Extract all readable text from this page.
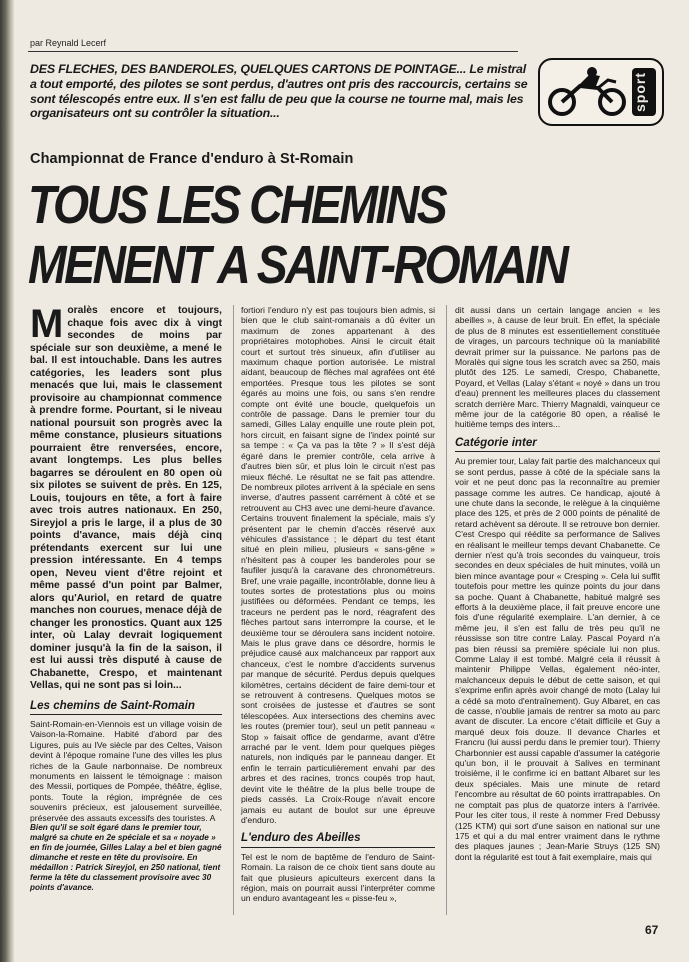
par Reynald Lecerf
DES FLECHES, DES BANDEROLES, QUELQUES CARTONS DE POINTAGE... Le mistral a tout emporté, des pilotes se sont perdus, d'autres ont pris des raccourcis, certains se sont télescopés entre eux. Il s'en est fallu de peu que la course ne tourne mal, mais les organisateurs ont su contrôler la situation...
sport
Championnat de France d'enduro à St-Romain
TOUS LES CHEMINS
MENENT A SAINT-ROMAIN

Moralès encore et toujours, chaque fois avec dix à vingt secondes de moins par spéciale sur son deuxième, a mené le bal. Il est intouchable. Dans les autres catégories, les leaders sont plus menacés que lui, mais le classement provisoire au championnat commence à prendre forme. Pourtant, si le niveau national poursuit son progrès avec la même constance, plusieurs situations pourraient être renversées, encore, avant longtemps. Les plus belles bagarres se déroulent en 80 open où six pilotes se suivent de près. En 125, Louis, toujours en tête, a fort à faire avec trois autres nationaux. En 250, Sireyjol a pris le large, il a plus de 30 points d'avance, mais déjà cinq prétendants exercent sur lui une pression intéressante. En 4 temps open, Neveu vient d'être rejoint et même passé d'un point par Balmer, alors qu'Auriol, en retard de quatre manches non courues, menace déjà de changer les pronostics. Quant aux 125 inter, où Lalay devrait logiquement dominer jusqu'à la fin de la saison, il est lui aussi très disputé à cause de Chabanette, Crespo, et maintenant Vellas, qui ne sont pas si loin...

Les chemins de Saint-Romain

Saint-Romain-en-Viennois est un village voisin de Vaison-la-Romaine. Habité d'abord par des Ligures, puis au IVe siècle par des Celtes, Vaison devint à l'époque romaine l'une des villes les plus riches de la Gaule narbonnaise. De nombreux monuments en laissent le témoignage : maison des Messii, portiques de Pompée, théâtre, église, ponts. Toute la région, imprégnée de ces souvenirs précieux, est jalousement surveillée, préservée des assauts excessifs des touristes. A

Bien qu'il se soit égaré dans le premier tour, malgré sa chute en 2e spéciale et sa « noyade » en fin de journée, Gilles Lalay a bel et bien gagné dimanche et reste en tête du provisoire. En médaillon : Patrick Sireyjol, en 250 national, tient ferme la tête du classement provisoire avec 30 points d'avance.

fortiori l'enduro n'y est pas toujours bien admis, si bien que le club saint-romanais a dû éviter un maximum de zones appartenant à des propriétaires motophobes. Ainsi le circuit était court et surtout très sinueux, afin d'utiliser au maximum chaque portion autorisée. Le mistral aidant, beaucoup de flèches mal agrafées ont été emportées. Presque tous les pilotes se sont égarés au moins une fois, ou sans s'en rendre compte ont évité une boucle, quelquefois un contrôle de passage. Dans le premier tour du samedi, Gilles Lalay enquille une route plein pot, hors circuit, en faisant signe de l'index pointé sur sa tempe : « Ça va pas la tête ? » Il s'est déjà égaré dans le premier contrôle, cela arrive à d'autres bien sûr, et plus loin le circuit n'est pas mieux fléché. Le résultat ne se fait pas attendre. De nombreux pilotes arrivent à la spéciale en sens inverse, d'autres passent carrément à côté et se retrouvent au CH3 avec une demi-heure d'avance. Certains trouvent finalement la spéciale, mais s'y présentent par le chemin d'accès réservé aux véhicules d'assistance ; le départ du test étant situé en plein milieu, plusieurs « sans-gêne » n'hésitent pas à couper les banderoles pour se faufiler jusqu'à la caravane des chronométreurs. Bref, une vraie pagaille, incontrôlable, donne lieu à toutes sortes de protestations plus ou moins justifiées ou déformées. Pendant ce temps, les traceurs ne perdent pas le nord, réagrafent des flèches partout sans interrompre la course, et le deuxième tour se déroulera sans incident notoire. Mais le plus grave dans ce désordre, hormis le préjudice causé aux malchanceux par rapport aux chanceux, c'est le nombre d'accidents survenus par manque de sécurité. Perdus depuis quelques kilomètres, certains décident de faire demi-tour et se retrouvent à contresens. Quelques motos se sont croisées de justesse et d'autres se sont télescopées. Aux intersections des chemins avec les routes (premier tour), seul un petit panneau « Stop » faisait office de gendarme, avant d'être arraché par le vent. Idem pour quelques pièges naturels, non indiqués par le panneau danger. Et enfin le terrain particulièrement envahi par des arbres et des racines, troncs coupés trop haut, devint vite le théâtre de la plus belle troupe de pieds cassés. La Croix-Rouge n'avait encore jamais eu autant de boulot sur une épreuve d'enduro.

L'enduro des Abeilles

Tel est le nom de baptême de l'enduro de Saint-Romain. La raison de ce choix tient sans doute au fait que plusieurs apiculteurs exercent dans la région, mais on pourrait aussi l'interpréter comme un enduro avantageant les « pisse-feu »,

dit aussi dans un certain langage ancien « les abeilles », à cause de leur bruit. En effet, la spéciale de plus de 8 minutes est essentiellement constituée de virages, un parcours technique où la maniabilité devrait primer sur la puissance. Ne parlons pas de Moralès qui signe tous les scratch avec sa 250, mais plutôt des 125. Le samedi, Crespo, Chabanette, Poyard, et Vellas (Lalay s'étant « noyé » dans un trou d'eau) prennent les meilleures places du classement scratch derrière Marc. Thierry Magnaldi, vainqueur ce même jour de la catégorie 80 open, a réalisé le huitième temps des inters...

Catégorie inter

Au premier tour, Lalay fait partie des malchanceux qui se sont perdus, passe à côté de la spéciale sans la voir et ne peut donc pas la reconnaître au premier passage comme les autres. Ce handicap, ajouté à une chute dans la seconde, le relègue à la cinquième place des 125, et près de 2 000 points de pénalité de retard achèvent sa déroute. Il se retrouve bon dernier. C'est Crespo qui réédite sa performance de Salives en réalisant le meilleur temps devant Chabanette. Ce dernier n'est qu'à trois secondes du vainqueur, trois secondes en deux spéciales de huit minutes, voilà un bien mince avantage pour « Cresping ». Cela lui suffit toutefois pour mettre les quinze points du jour dans sa poche. Quant à Chabanette, habitué malgré ses efforts à la deuxième place, il fait preuve encore une fois d'une régularité exemplaire. L'an dernier, à ce même jeu, il s'en est fallu de très peu qu'il ne réussisse son titre contre Lalay. Pascal Poyard n'a pas bien réussi sa première spéciale lui non plus. Comme Lalay il est tombé. Malgré cela il réussit à maintenir Philippe Vellas, également néo-inter, malchanceux depuis le début de cette saison, et qui s'exprime enfin après avoir changé de moto (Lalay lui a cédé sa moto d'entraînement). Guy Albaret, en cas de casse, n'oublie jamais de rentrer sa moto au parc avant de discuter. La encore c'était difficile et Guy a marqué deux fois douze. Il devance Charles et Francru (lui aussi perdu dans le premier tour). Thierry Charbonnier est aussi capable d'assumer la catégorie qu'un bon, il le prouvait à Salives en terminant troisième, il le confirme ici en battant Albaret sur les deux spéciales. Mais une minute de retard l'encombre au résultat de 60 points irrattrapables. On ne comptait pas plus de quatorze inters à l'arrivée. Pour les citer tous, il reste à nommer Fred Debussy (125 KTM) qui sort d'une saison en national sur une 175 et qui a du mal entrer vraiment dans le rythme des plaques jaunes ; Jean-Marie Struys (125 SN) dont la régularité est tout à fait exemplaire, mais qui

67
